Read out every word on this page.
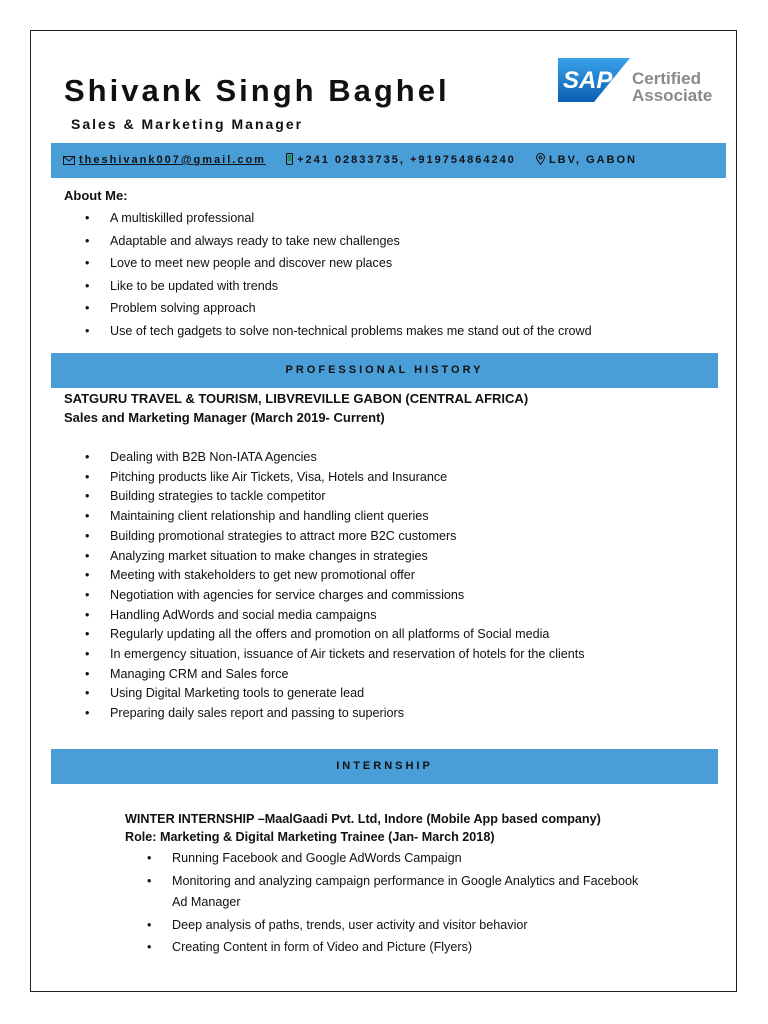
Shivank Singh Baghel
Sales & Marketing Manager
SAP Certified
Associate
theshivank007@gmail.com	+241 02833735, +919754864240	LBV, GABON
About Me:
• A multiskilled professional
• Adaptable and always ready to take new challenges
• Love to meet new people and discover new places
• Like to be updated with trends
• Problem solving approach
• Use of tech gadgets to solve non-technical problems makes me stand out of the crowd
PROFESSIONAL HISTORY
SATGURU TRAVEL & TOURISM, LIBVREVILLE GABON (CENTRAL AFRICA)
Sales and Marketing Manager (March 2019- Current)
• Dealing with B2B Non-IATA Agencies
• Pitching products like Air Tickets, Visa, Hotels and Insurance
• Building strategies to tackle competitor
• Maintaining client relationship and handling client queries
• Building promotional strategies to attract more B2C customers
• Analyzing market situation to make changes in strategies
• Meeting with stakeholders to get new promotional offer
• Negotiation with agencies for service charges and commissions
• Handling AdWords and social media campaigns
• Regularly updating all the offers and promotion on all platforms of Social media
• In emergency situation, issuance of Air tickets and reservation of hotels for the clients
• Managing CRM and Sales force
• Using Digital Marketing tools to generate lead
• Preparing daily sales report and passing to superiors
INTERNSHIP
WINTER INTERNSHIP –MaalGaadi Pvt. Ltd, Indore (Mobile App based company)
Role: Marketing & Digital Marketing Trainee (Jan- March 2018)
• Running Facebook and Google AdWords Campaign
• Monitoring and analyzing campaign performance in Google Analytics and Facebook Ad Manager
• Deep analysis of paths, trends, user activity and visitor behavior
• Creating Content in form of Video and Picture (Flyers)
